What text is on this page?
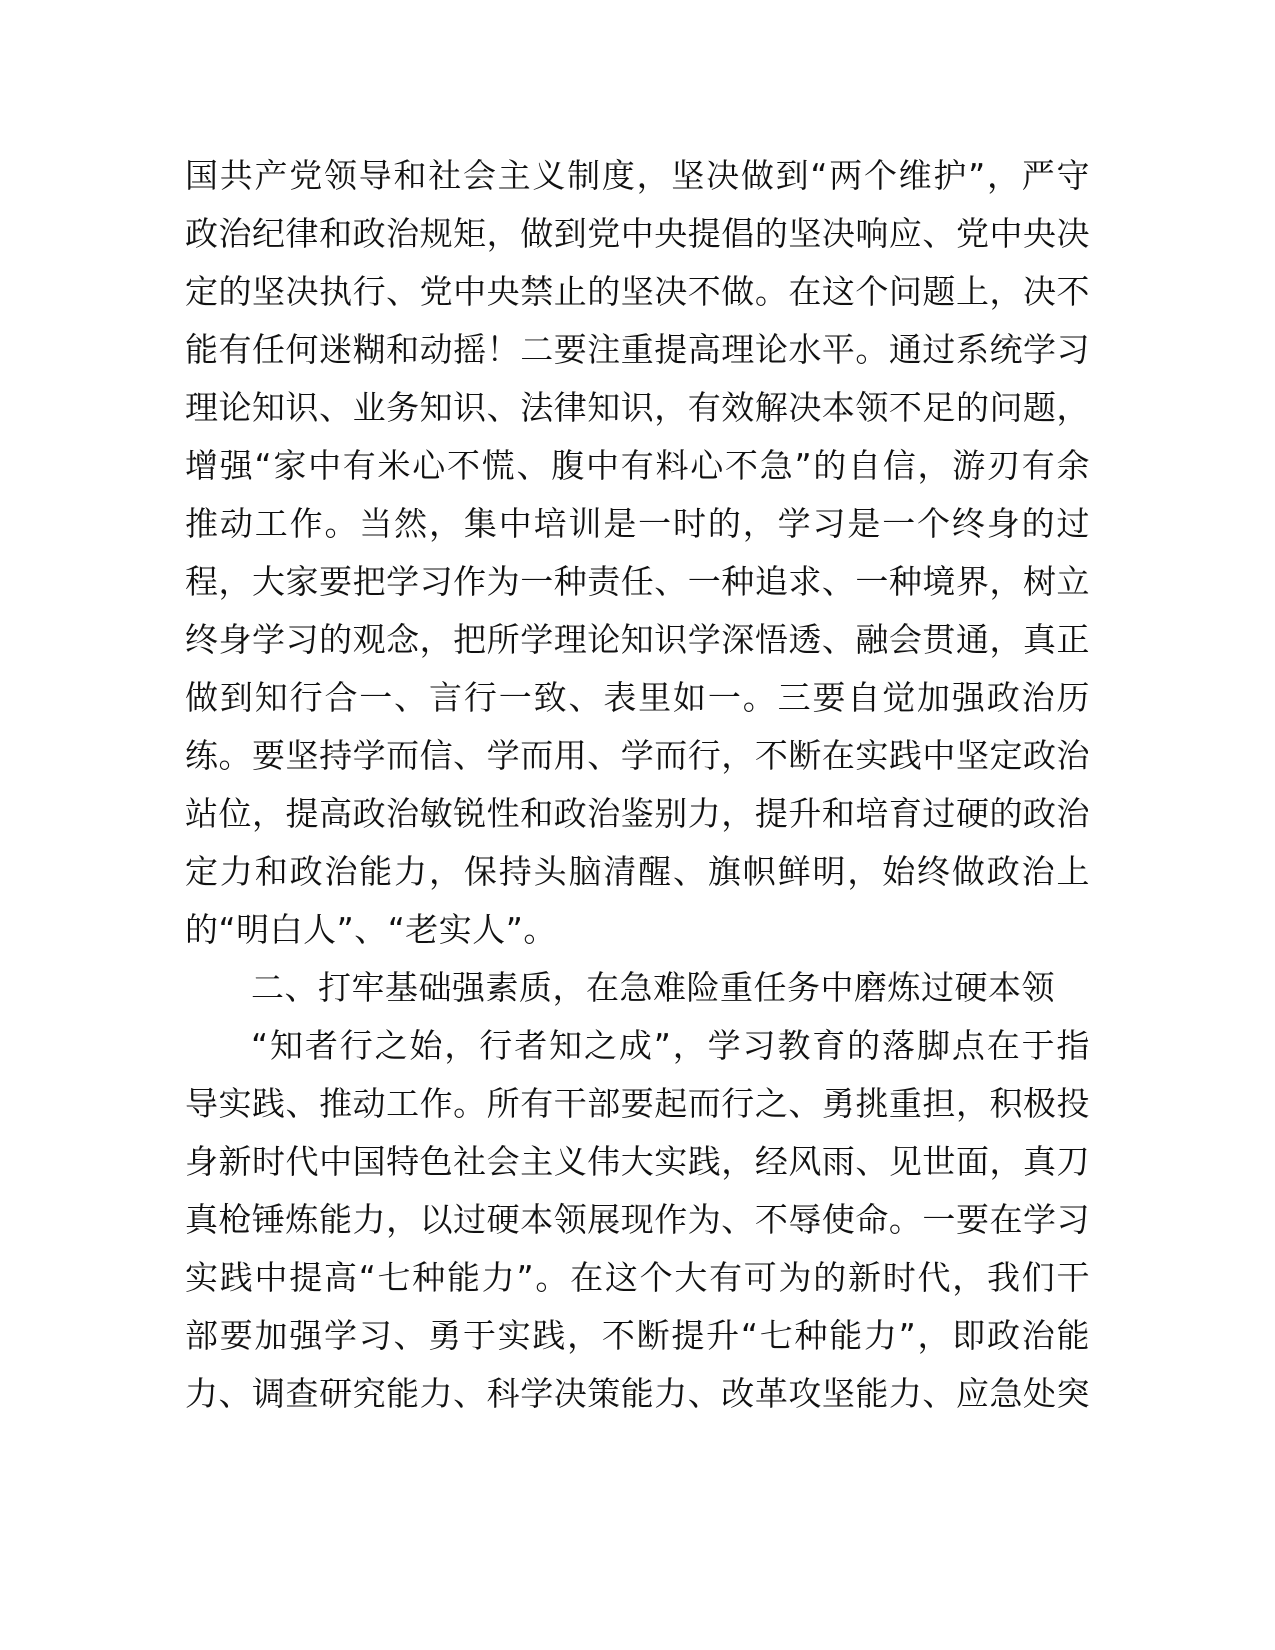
国共产党领导和社会主义制度，坚决做到“两个维护”，严守
政治纪律和政治规矩，做到党中央提倡的坚决响应、党中央决
定的坚决执行、党中央禁止的坚决不做。在这个问题上，决不
能有任何迷糊和动摇！二要注重提高理论水平。通过系统学习
理论知识、业务知识、法律知识，有效解决本领不足的问题，
增强“家中有米心不慌、腹中有料心不急”的自信，游刃有余
推动工作。当然，集中培训是一时的，学习是一个终身的过
程，大家要把学习作为一种责任、一种追求、一种境界，树立
终身学习的观念，把所学理论知识学深悟透、融会贯通，真正
做到知行合一、言行一致、表里如一。三要自觉加强政治历
练。要坚持学而信、学而用、学而行，不断在实践中坚定政治
站位，提高政治敏锐性和政治鉴别力，提升和培育过硬的政治
定力和政治能力，保持头脑清醒、旗帜鲜明，始终做政治上
的“明白人”、“老实人”。
二、打牢基础强素质，在急难险重任务中磨炼过硬本领
“知者行之始，行者知之成”，学习教育的落脚点在于指
导实践、推动工作。所有干部要起而行之、勇挑重担，积极投
身新时代中国特色社会主义伟大实践，经风雨、见世面，真刀
真枪锤炼能力，以过硬本领展现作为、不辱使命。一要在学习
实践中提高“七种能力”。在这个大有可为的新时代，我们干
部要加强学习、勇于实践，不断提升“七种能力”，即政治能
力、调查研究能力、科学决策能力、改革攻坚能力、应急处突
